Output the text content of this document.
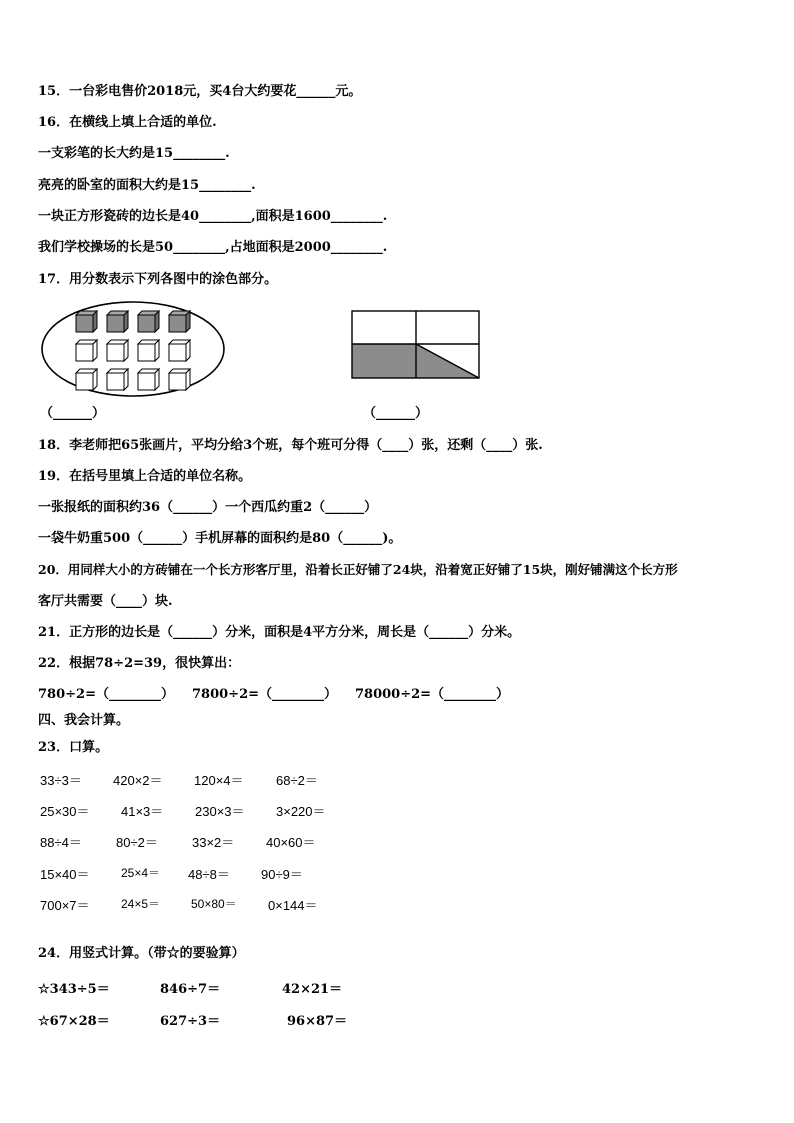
15．一台彩电售价2018元，买4台大约要花______元。
16．在横线上填上合适的单位.
一支彩笔的长大约是15________.
亮亮的卧室的面积大约是15________.
一块正方形瓷砖的边长是40________,面积是1600________.
我们学校操场的长是50________,占地面积是2000________.
17．用分数表示下列各图中的涂色部分。
（______）	（______）
18．李老师把65张画片，平均分给3个班，每个班可分得（____）张，还剩（____）张.
19．在括号里填上合适的单位名称。
一张报纸的面积约36（______）一个西瓜约重2（______）
一袋牛奶重500（______）手机屏幕的面积约是80（______)。
20．用同样大小的方砖铺在一个长方形客厅里，沿着长正好铺了24块，沿着宽正好铺了15块，刚好铺满这个长方形
客厅共需要（____）块.
21．正方形的边长是（______）分米，面积是4平方分米，周长是（______）分米。
22．根据78÷2=39，很快算出：
780÷2=（________） 7800÷2=（________） 78000÷2=（________）
四、我会计算。
23．口算。
33÷3＝ 420×2＝ 120×4＝ 68÷2＝
25×30＝ 41×3＝ 230×3＝ 3×220＝
88÷4＝	80÷2＝	33×2＝ 40×60＝
15×40＝	25×4＝ 48÷8＝ 90÷9＝
700×7＝	24×5＝	50×80＝ 0×144＝
24．用竖式计算。（带☆的要验算）
☆343÷5＝	846÷7＝	42×21＝
☆67×28＝	627÷3＝	96×87＝
